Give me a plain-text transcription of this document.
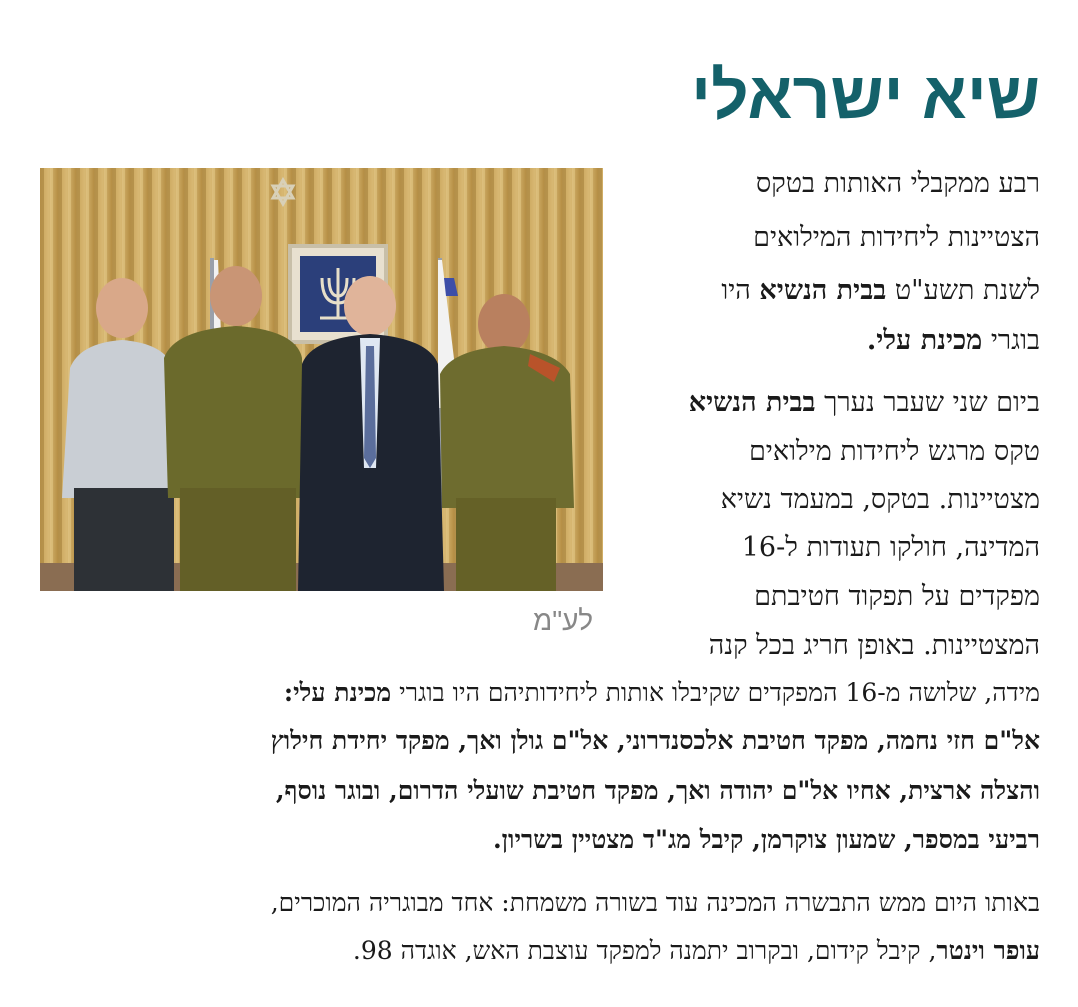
שיא ישראלי
לע"מ
רבע ממקבלי האותות בטקס
הצטיינות ליחידות המילואים
לשנת תשע"ט בבית הנשיא היו
בוגרי מכינת עלי.
ביום שני שעבר נערך בבית הנשיא
טקס מרגש ליחידות מילואים
מצטיינות. בטקס, במעמד נשיא
המדינה, חולקו תעודות ל-16
מפקדים על תפקוד חטיבתם
המצטיינות. באופן חריג בכל קנה
מידה, שלושה מ-16 המפקדים שקיבלו אותות ליחידותיהם היו בוגרי מכינת עלי:
אל"ם חזי נחמה, מפקד חטיבת אלכסנדרוני, אל"ם גולן ואך, מפקד יחידת חילוץ
והצלה ארצית, אחיו אל"ם יהודה ואך, מפקד חטיבת שועלי הדרום, ובוגר נוסף,
רביעי במספר, שמעון צוקרמן, קיבל מג"ד מצטיין בשריון.
באותו היום ממש התבשרה המכינה עוד בשורה משמחת: אחד מבוגריה המוכרים,
עופר וינטר, קיבל קידום, ובקרוב יתמנה למפקד עוצבת האש, אוגדה 98.
